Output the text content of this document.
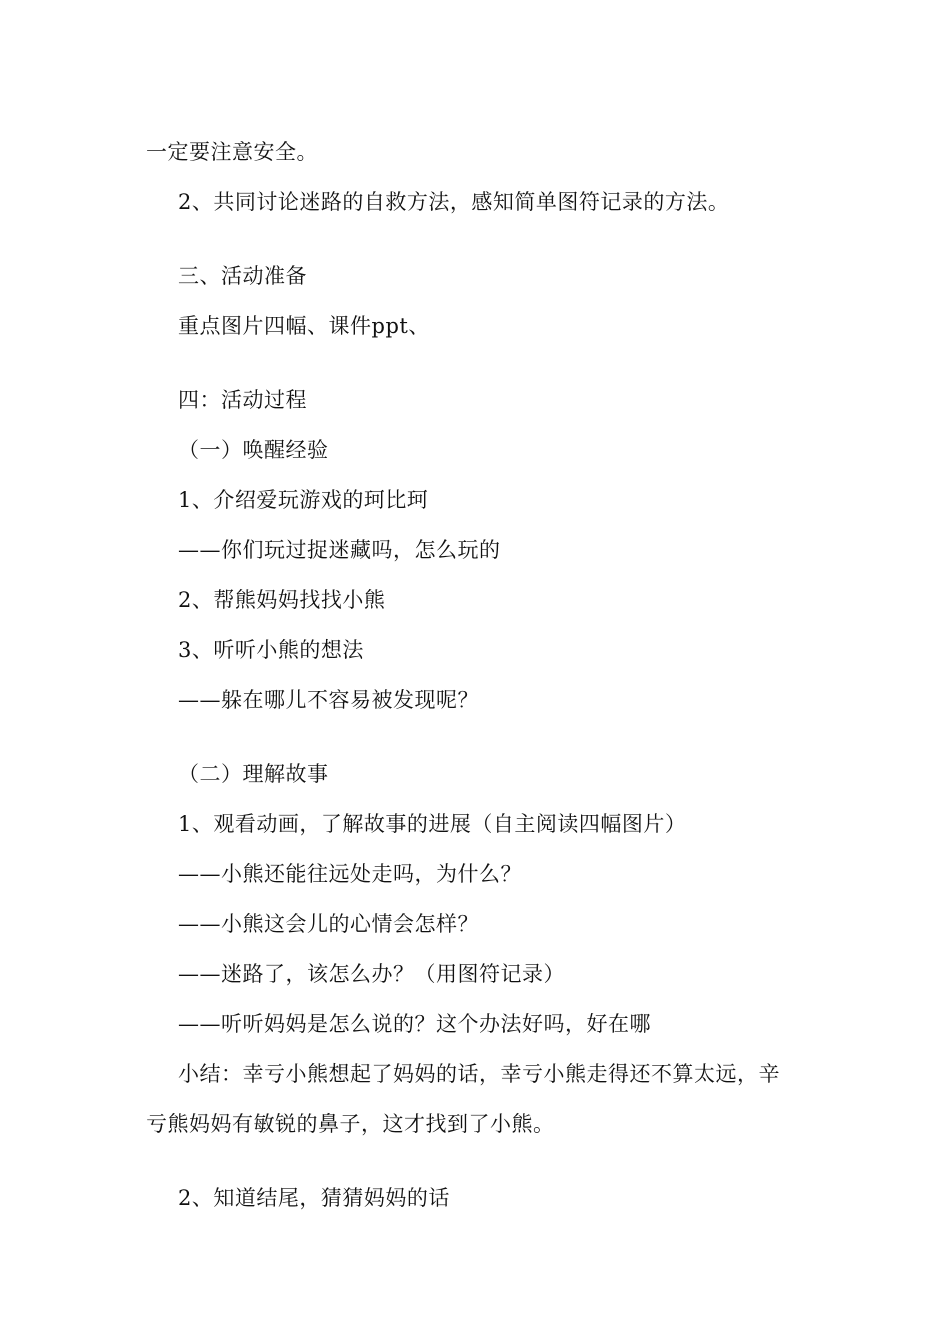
一定要注意安全。
2、共同讨论迷路的自救方法，感知简单图符记录的方法。
三、活动准备
重点图片四幅、课件ppt、
四：活动过程
（一）唤醒经验
1、介绍爱玩游戏的珂比珂
——你们玩过捉迷藏吗，怎么玩的
2、帮熊妈妈找找小熊
3、听听小熊的想法
——躲在哪儿不容易被发现呢？
（二）理解故事
1、观看动画，了解故事的进展（自主阅读四幅图片）
——小熊还能往远处走吗，为什么？
——小熊这会儿的心情会怎样？
——迷路了，该怎么办？（用图符记录）
——听听妈妈是怎么说的？这个办法好吗，好在哪
小结：幸亏小熊想起了妈妈的话，幸亏小熊走得还不算太远，辛
亏熊妈妈有敏锐的鼻子，这才找到了小熊。
2、知道结尾，猜猜妈妈的话
